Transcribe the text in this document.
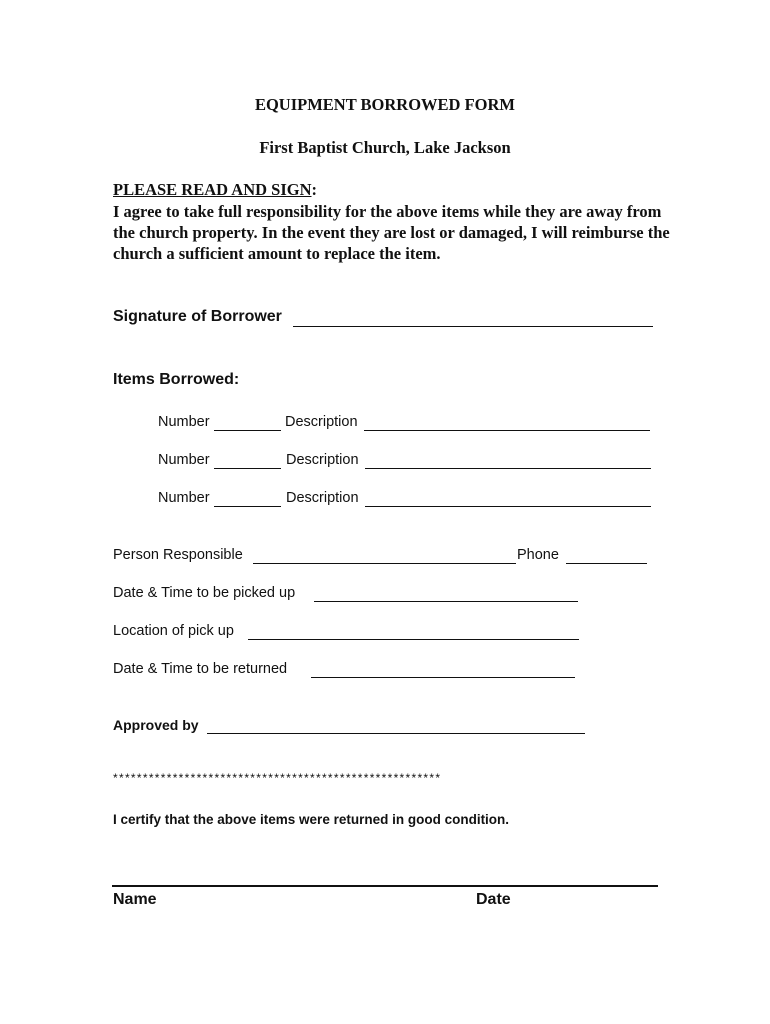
EQUIPMENT BORROWED FORM
First Baptist Church, Lake Jackson
PLEASE READ AND SIGN:
I agree to take full responsibility for the above items while they are away from the church property. In the event they are lost or damaged, I will reimburse the church a sufficient amount to replace the item.
Signature of Borrower
Items Borrowed:
Number	Description
Number	Description
Number	Description
Person Responsible	Phone
Date & Time to be picked up
Location of pick up
Date & Time to be returned
Approved by
*******************************************************
I certify that the above items were returned in good condition.
Name	Date
